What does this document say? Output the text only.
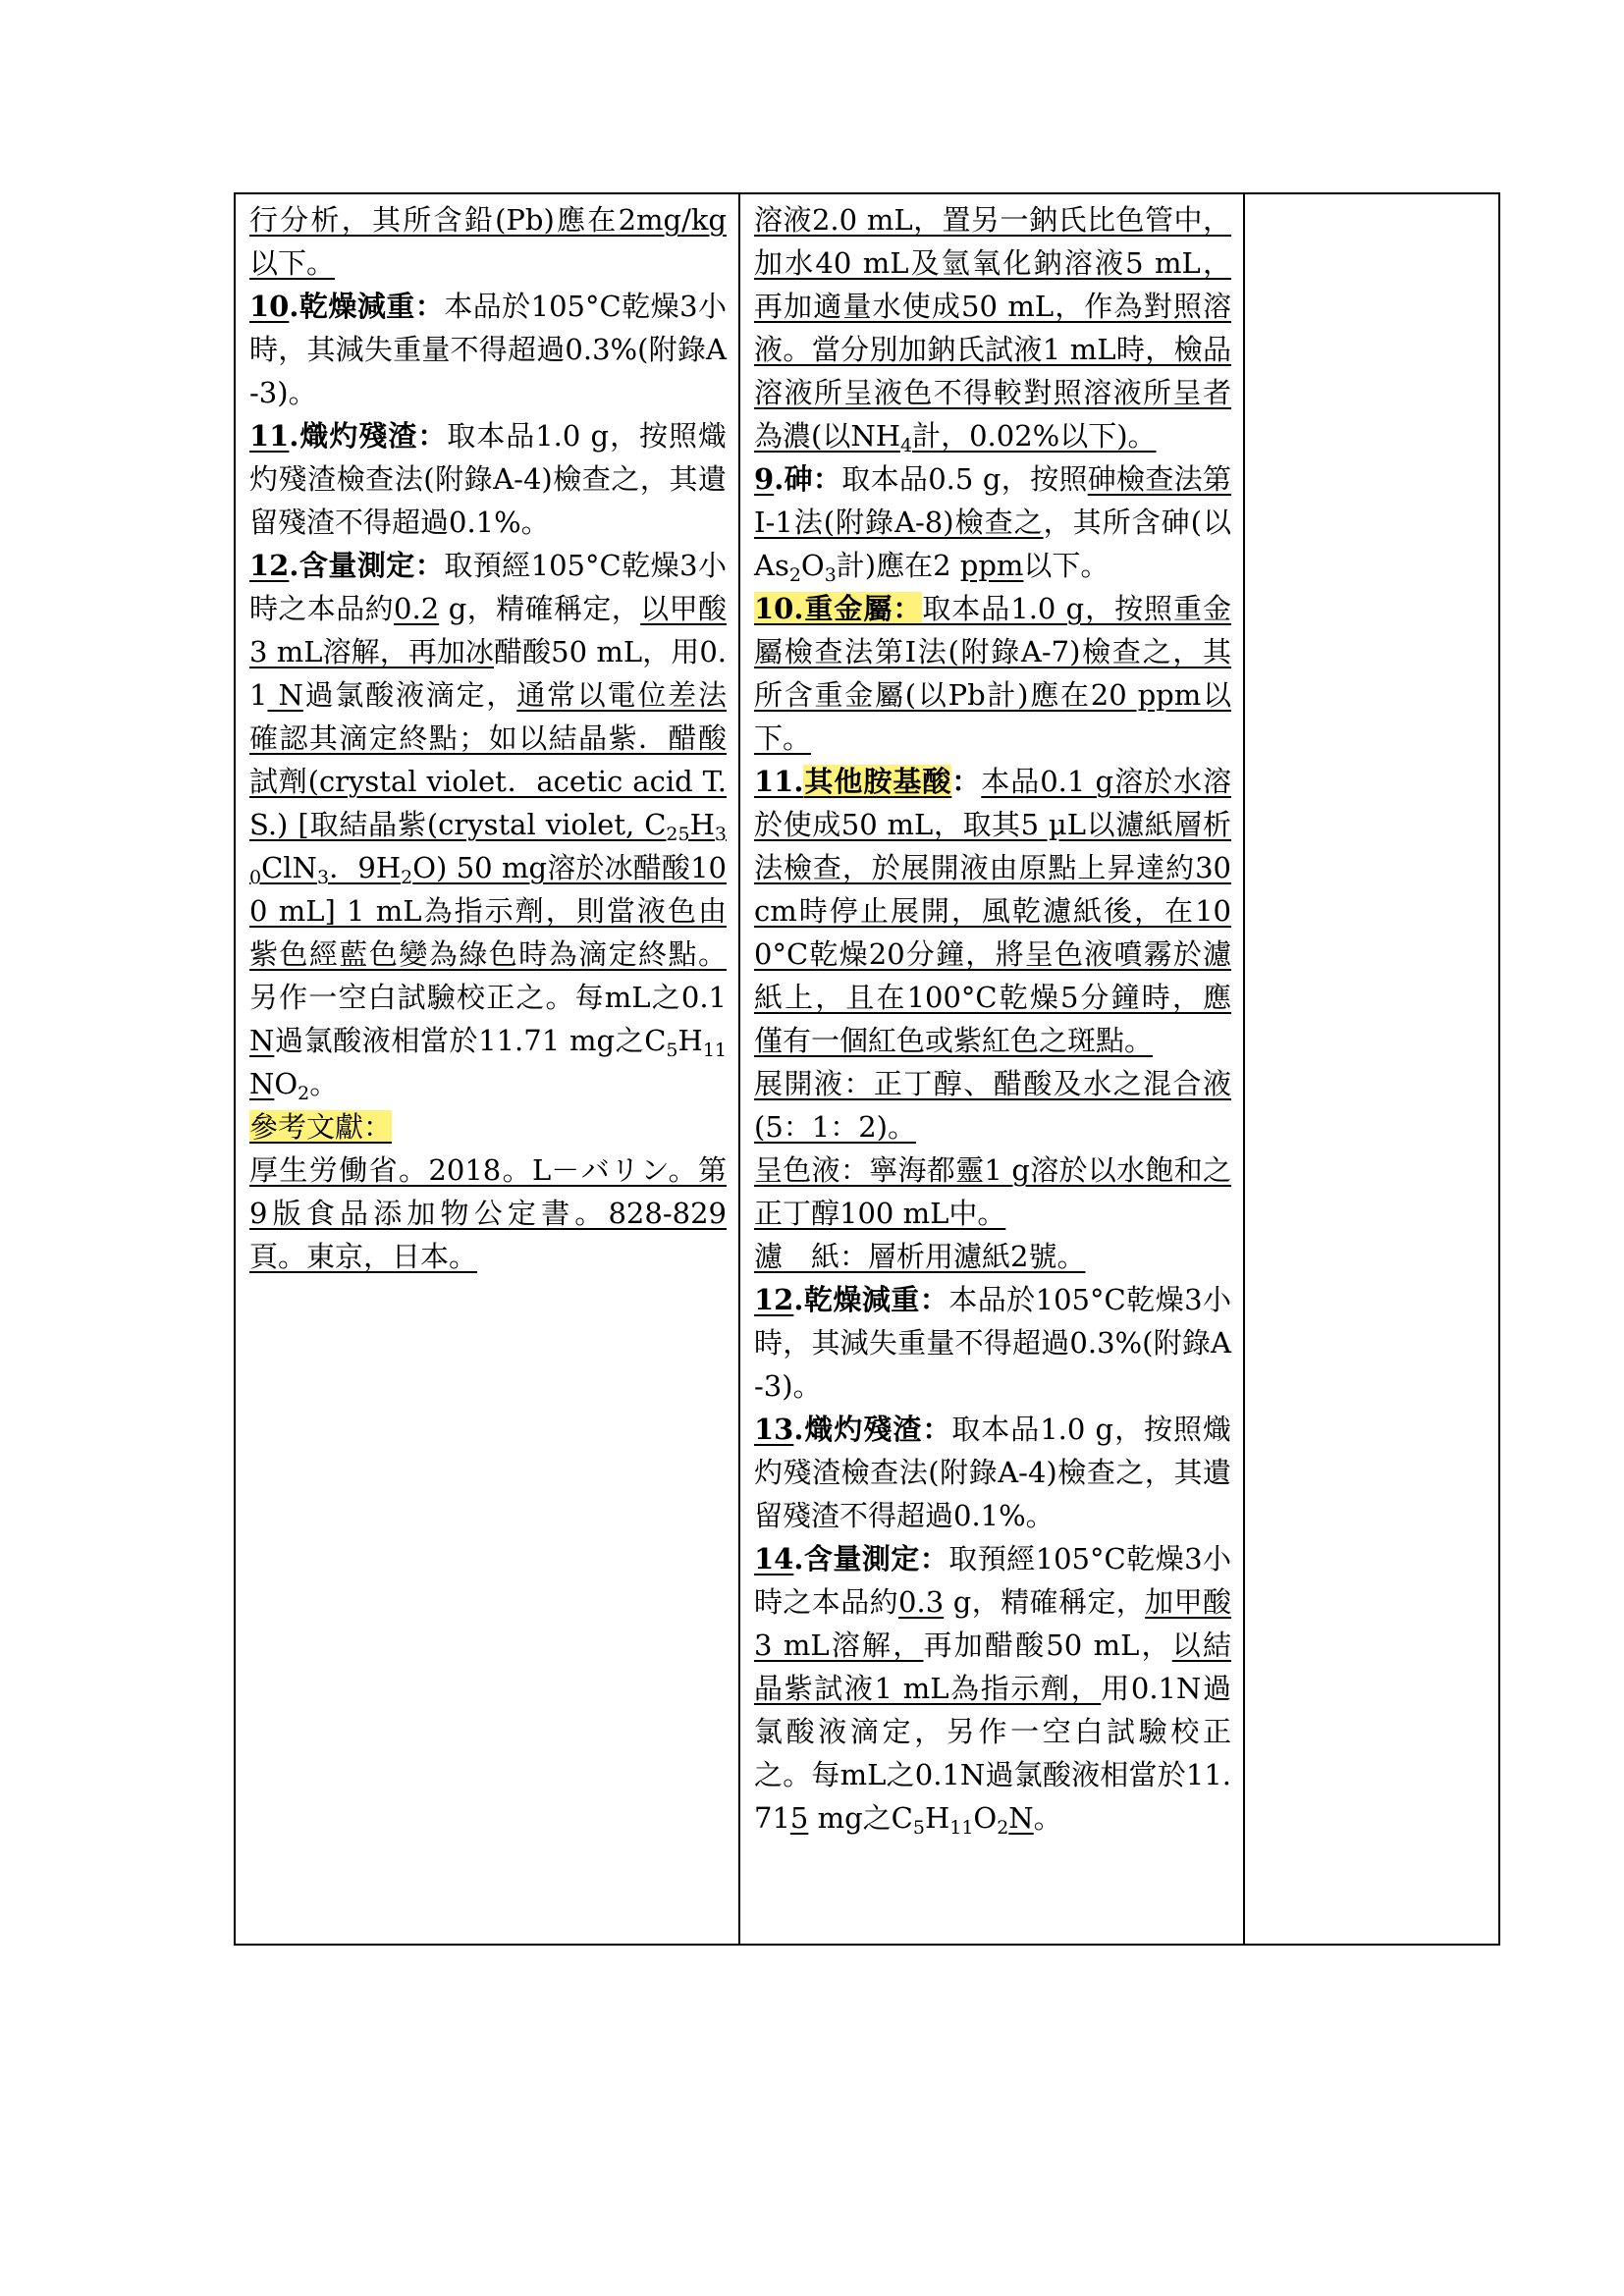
行分析，其所含鉛(Pb)應在2mg/kg以下。
10.乾燥減重：本品於105°C乾燥3小時，其減失重量不得超過0.3%(附錄A-3)。
11.熾灼殘渣：取本品1.0 g，按照熾灼殘渣檢查法(附錄A-4)檢查之，其遺留殘渣不得超過0.1%。
12.含量測定：取預經105°C乾燥3小時之本品約0.2 g，精確稱定，以甲酸3 mL溶解，再加冰醋酸50 mL，用0.1 N過氯酸液滴定，通常以電位差法確認其滴定終點；如以結晶紫．醋酸試劑(crystal violet．acetic acid T.S.) [取結晶紫(crystal violet, $C_{25}H_{30}ClN_3$．$9H_2O$) 50 mg溶於冰醋酸100 mL] 1 mL為指示劑，則當液色由紫色經藍色變為綠色時為滴定終點。另作一空白試驗校正之。每mL之0.1 N過氯酸液相當於11.71 mg之$C_5H_{11}NO_2$。
參考文獻：
厚生労働省。2018。L－バリン。第9版食品添加物公定書。828-829頁。東京，日本。

溶液2.0 mL，置另一鈉氏比色管中，加水40 mL及氫氧化鈉溶液5 mL，再加適量水使成50 mL，作為對照溶液。當分別加鈉氏試液1 mL時，檢品溶液所呈液色不得較對照溶液所呈者為濃(以$NH_4$計，0.02%以下)。
9.砷：取本品0.5 g，按照砷檢查法第I-1法(附錄A-8)檢查之，其所含砷(以$As_2O_3$計)應在2 ppm以下。
10.重金屬：取本品1.0 g，按照重金屬檢查法第I法(附錄A-7)檢查之，其所含重金屬(以Pb計)應在20 ppm以下。
11.其他胺基酸：本品0.1 g溶於水溶於使成50 mL，取其5 µL以濾紙層析法檢查，於展開液由原點上昇達約30cm時停止展開，風乾濾紙後，在100°C乾燥20分鐘，將呈色液噴霧於濾紙上，且在100°C乾燥5分鐘時，應僅有一個紅色或紫紅色之斑點。
展開液：正丁醇、醋酸及水之混合液(5：1：2)。
呈色液：寧海都靈1 g溶於以水飽和之正丁醇100 mL中。
濾　紙：層析用濾紙2號。
12.乾燥減重：本品於105°C乾燥3小時，其減失重量不得超過0.3%(附錄A-3)。
13.熾灼殘渣：取本品1.0 g，按照熾灼殘渣檢查法(附錄A-4)檢查之，其遺留殘渣不得超過0.1%。
14.含量測定：取預經105°C乾燥3小時之本品約0.3 g，精確稱定，加甲酸3 mL溶解，再加醋酸50 mL，以結晶紫試液1 mL為指示劑，用0.1N過氯酸液滴定，另作一空白試驗校正之。每mL之0.1N過氯酸液相當於11.715 mg之$C_5H_{11}O_2N$。
